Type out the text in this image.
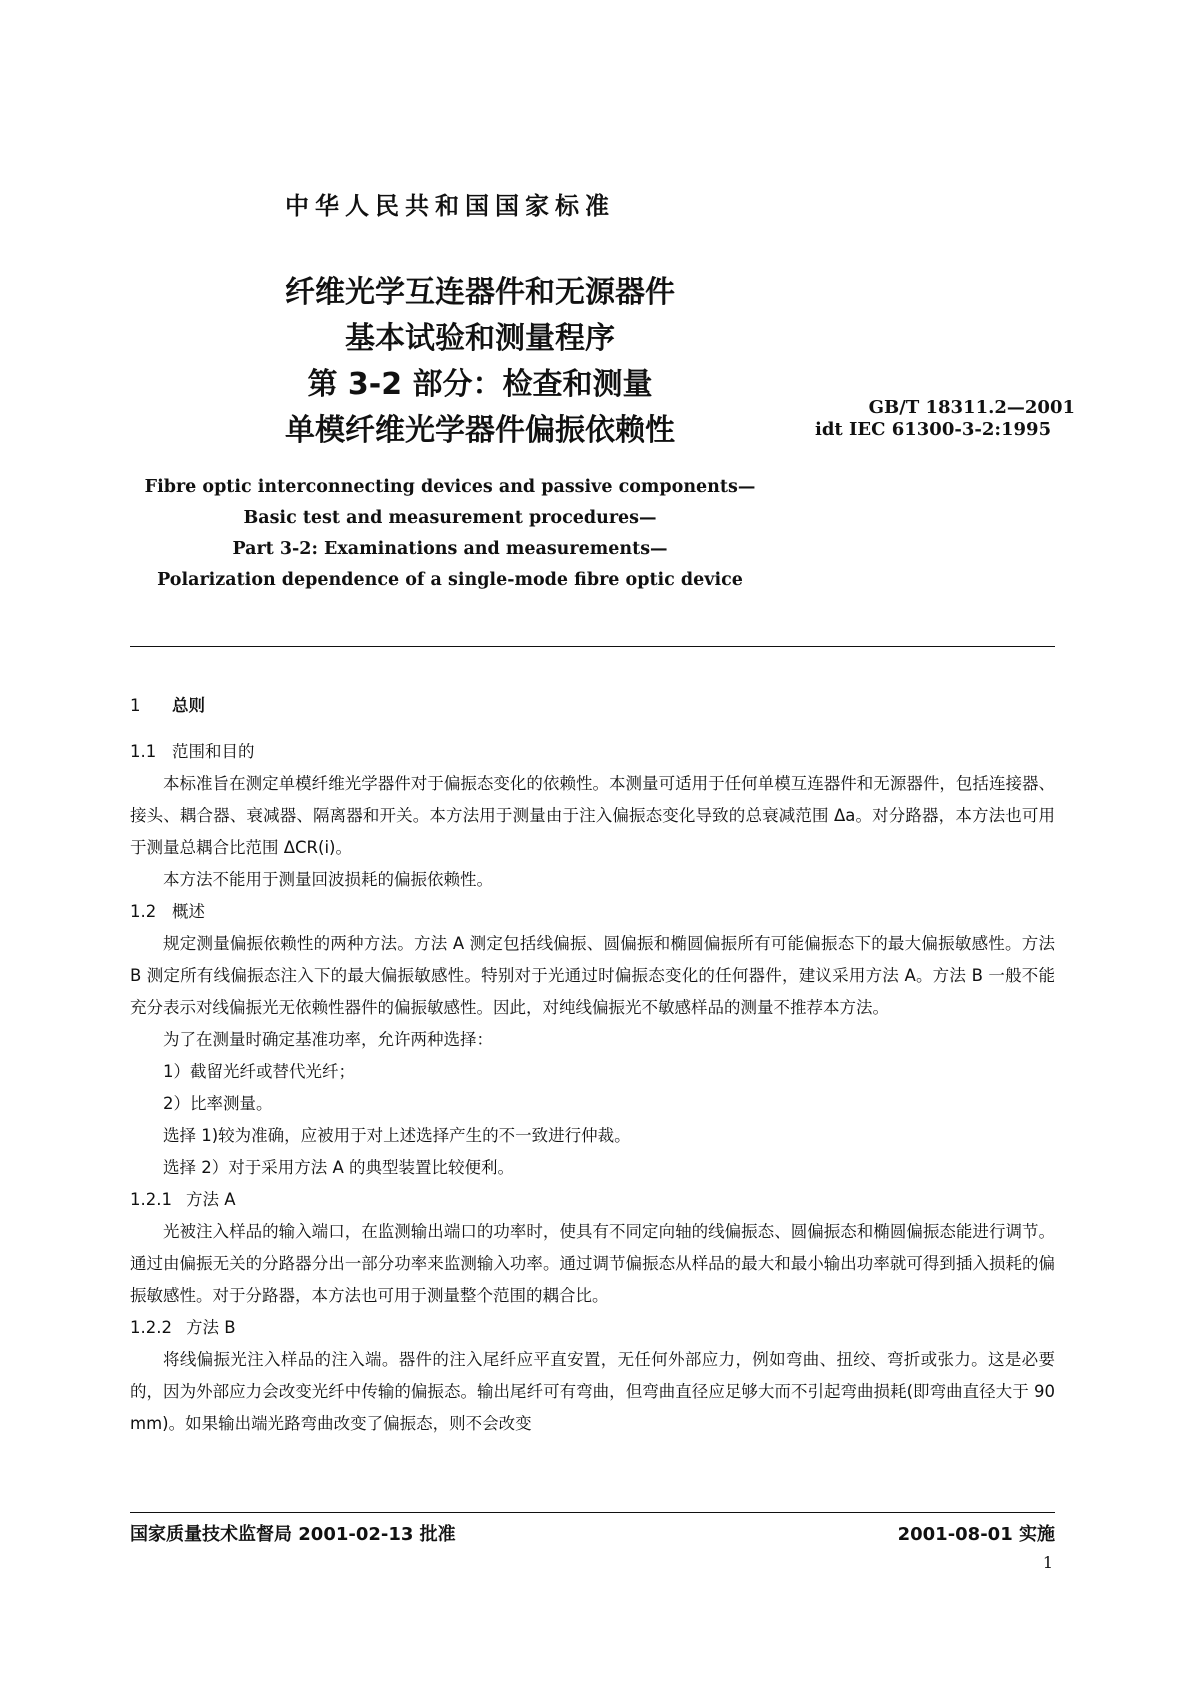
中华人民共和国国家标准
纤维光学互连器件和无源器件
基本试验和测量程序
第 3-2 部分：检查和测量
单模纤维光学器件偏振依赖性
GB/T 18311.2—2001
idt IEC 61300-3-2:1995
Fibre optic interconnecting devices and passive components—
Basic test and measurement procedures—
Part 3-2: Examinations and measurements—
Polarization dependence of a single-mode fibre optic device

1 总则

1.1 范围和目的

本标准旨在测定单模纤维光学器件对于偏振态变化的依赖性。本测量可适用于任何单模互连器件和无源器件，包括连接器、接头、耦合器、衰减器、隔离器和开关。本方法用于测量由于注入偏振态变化导致的总衰减范围 Δa。对分路器，本方法也可用于测量总耦合比范围 ΔCR(i)。

本方法不能用于测量回波损耗的偏振依赖性。

1.2 概述

规定测量偏振依赖性的两种方法。方法 A 测定包括线偏振、圆偏振和椭圆偏振所有可能偏振态下的最大偏振敏感性。方法 B 测定所有线偏振态注入下的最大偏振敏感性。特别对于光通过时偏振态变化的任何器件，建议采用方法 A。方法 B 一般不能充分表示对线偏振光无依赖性器件的偏振敏感性。因此，对纯线偏振光不敏感样品的测量不推荐本方法。

为了在测量时确定基准功率，允许两种选择：

1）截留光纤或替代光纤；

2）比率测量。

选择 1)较为准确，应被用于对上述选择产生的不一致进行仲裁。

选择 2）对于采用方法 A 的典型装置比较便利。

1.2.1 方法 A

光被注入样品的输入端口，在监测输出端口的功率时，使具有不同定向轴的线偏振态、圆偏振态和椭圆偏振态能进行调节。通过由偏振无关的分路器分出一部分功率来监测输入功率。通过调节偏振态从样品的最大和最小输出功率就可得到插入损耗的偏振敏感性。对于分路器，本方法也可用于测量整个范围的耦合比。

1.2.2 方法 B

将线偏振光注入样品的注入端。器件的注入尾纤应平直安置，无任何外部应力，例如弯曲、扭绞、弯折或张力。这是必要的，因为外部应力会改变光纤中传输的偏振态。输出尾纤可有弯曲，但弯曲直径应足够大而不引起弯曲损耗(即弯曲直径大于 90 mm)。如果输出端光路弯曲改变了偏振态，则不会改变

国家质量技术监督局 2001-02-13 批准	2001-08-01 实施
1
